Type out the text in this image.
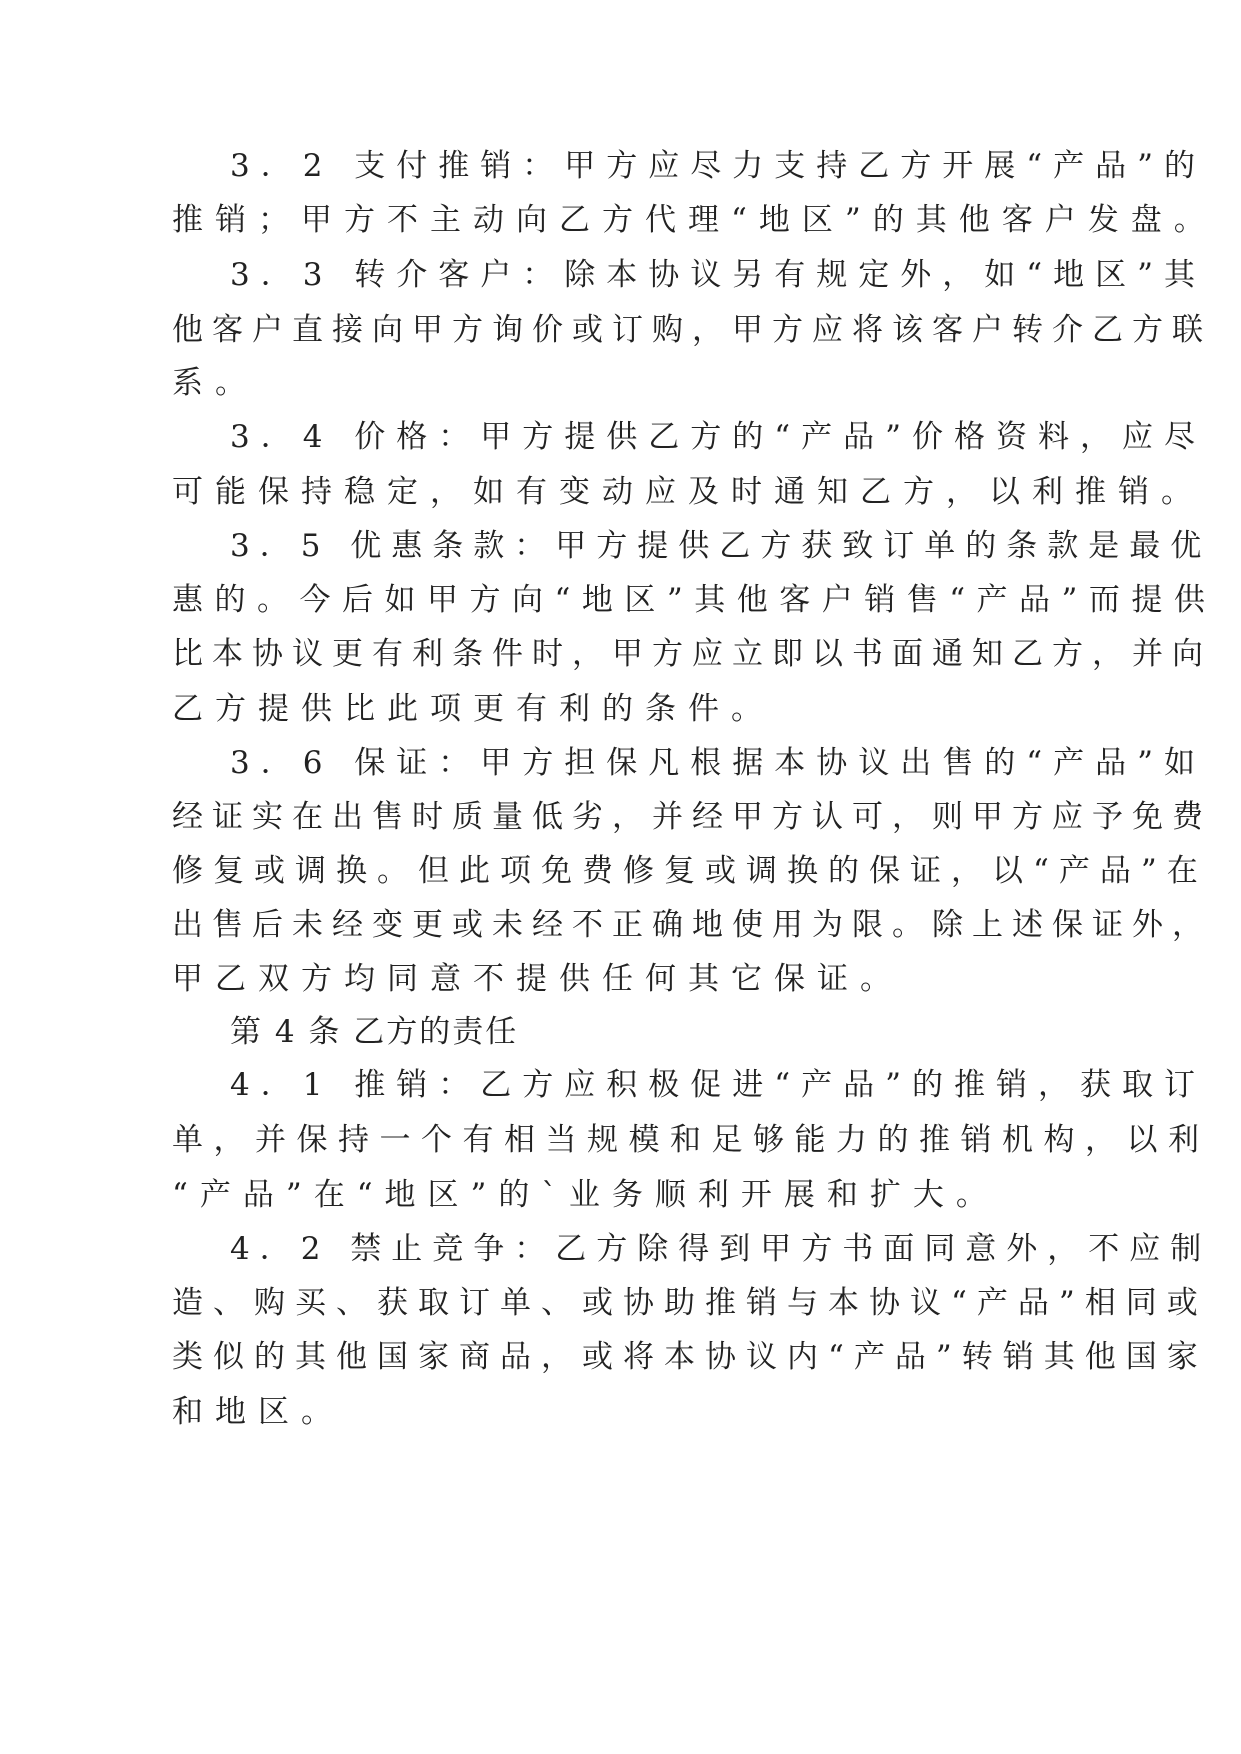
3．2 支付推销：甲方应尽力支持乙方开展“产品”的
推销；甲方不主动向乙方代理“地区”的其他客户发盘。
3．3 转介客户：除本协议另有规定外，如“地区”其
他客户直接向甲方询价或订购，甲方应将该客户转介乙方联
系。
3．4 价格：甲方提供乙方的“产品”价格资料，应尽
可能保持稳定，如有变动应及时通知乙方，以利推销。
3．5 优惠条款：甲方提供乙方获致订单的条款是最优
惠的。今后如甲方向“地区”其他客户销售“产品”而提供
比本协议更有利条件时，甲方应立即以书面通知乙方，并向
乙方提供比此项更有利的条件。
3．6 保证：甲方担保凡根据本协议出售的“产品”如
经证实在出售时质量低劣，并经甲方认可，则甲方应予免费
修复或调换。但此项免费修复或调换的保证，以“产品”在
出售后未经变更或未经不正确地使用为限。除上述保证外，
甲乙双方均同意不提供任何其它保证。
第 4 条 乙方的责任
4．1 推销：乙方应积极促进“产品”的推销，获取订
单，并保持一个有相当规模和足够能力的推销机构，以利
“产品”在“地区”的`业务顺利开展和扩大。
4．2 禁止竞争：乙方除得到甲方书面同意外，不应制
造、购买、获取订单、或协助推销与本协议“产品”相同或
类似的其他国家商品，或将本协议内“产品”转销其他国家
和地区。
